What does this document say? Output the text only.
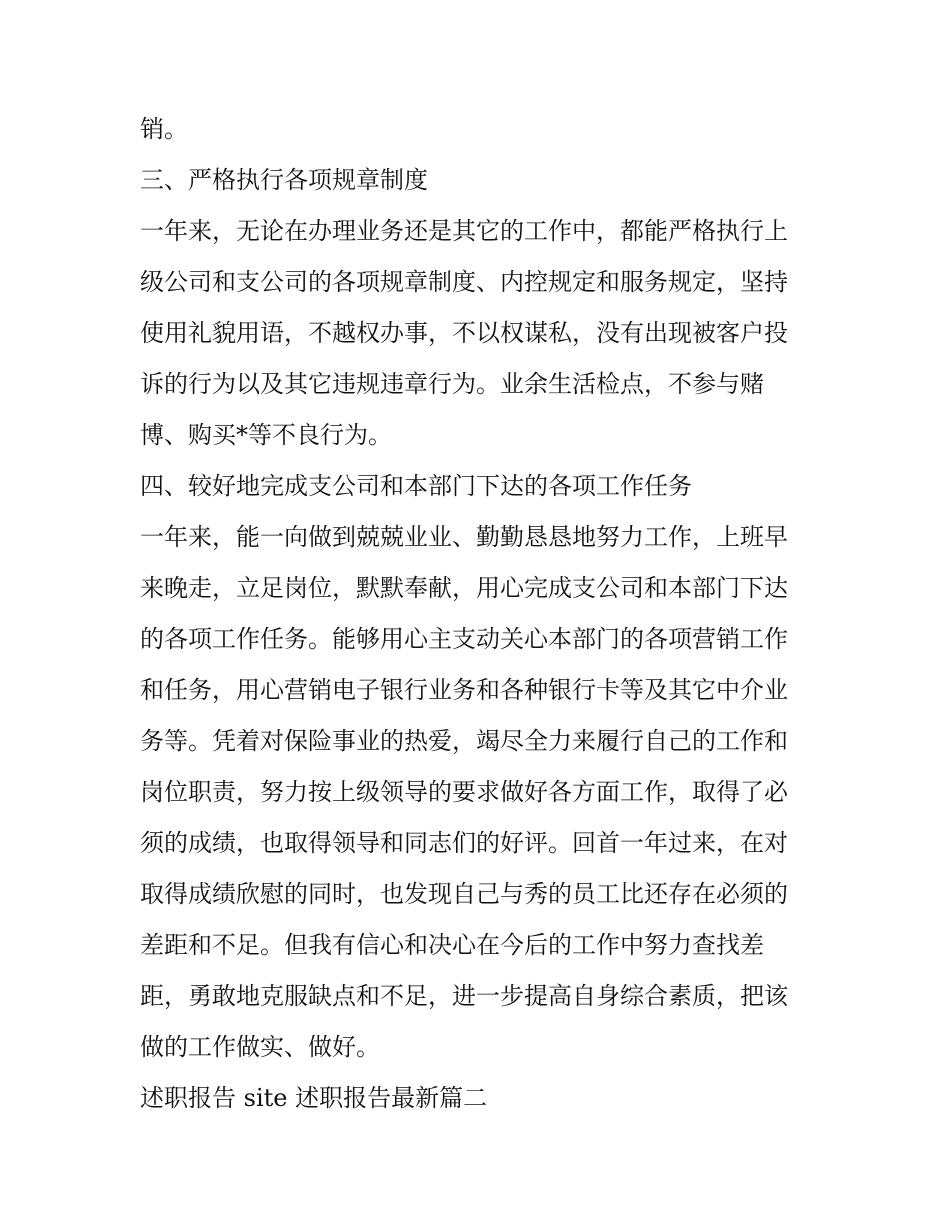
销。
三、严格执行各项规章制度
一年来，无论在办理业务还是其它的工作中，都能严格执行上
级公司和支公司的各项规章制度、内控规定和服务规定，坚持
使用礼貌用语，不越权办事，不以权谋私，没有出现被客户投
诉的行为以及其它违规违章行为。业余生活检点，不参与赌
博、购买*等不良行为。
四、较好地完成支公司和本部门下达的各项工作任务
一年来，能一向做到兢兢业业、勤勤恳恳地努力工作，上班早
来晚走，立足岗位，默默奉献，用心完成支公司和本部门下达
的各项工作任务。能够用心主支动关心本部门的各项营销工作
和任务，用心营销电子银行业务和各种银行卡等及其它中介业
务等。凭着对保险事业的热爱，竭尽全力来履行自己的工作和
岗位职责，努力按上级领导的要求做好各方面工作，取得了必
须的成绩，也取得领导和同志们的好评。回首一年过来，在对
取得成绩欣慰的同时，也发现自己与秀的员工比还存在必须的
差距和不足。但我有信心和决心在今后的工作中努力查找差
距，勇敢地克服缺点和不足，进一步提高自身综合素质，把该
做的工作做实、做好。
述职报告 site 述职报告最新篇二
